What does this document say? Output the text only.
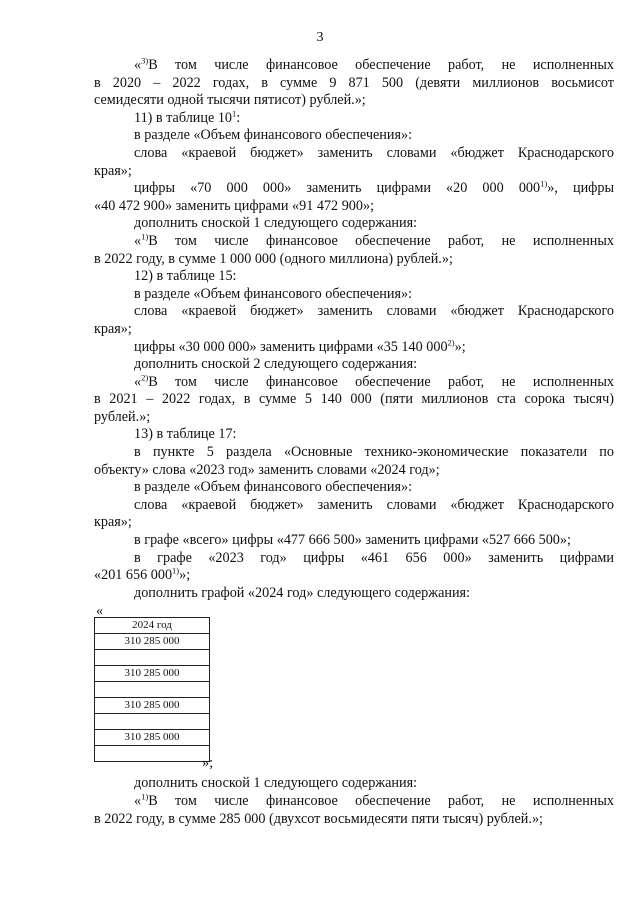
3
«$^{3)}$В том числе финансовое обеспечение работ, не исполненных
в 2020 – 2022 годах, в сумме 9 871 500 (девяти миллионов восьмисот
семидесяти одной тысячи пятисот) рублей.»;
11) в таблице $10^1$:
в разделе «Объем финансового обеспечения»:
слова «краевой бюджет» заменить словами «бюджет Краснодарского
края»;
цифры «70 000 000» заменить цифрами «20 000 000$^{1)}$», цифры
«40 472 900» заменить цифрами «91 472 900»;
дополнить сноской 1 следующего содержания:
«$^{1)}$В том числе финансовое обеспечение работ, не исполненных
в 2022 году, в сумме 1 000 000 (одного миллиона) рублей.»;
12) в таблице 15:
в разделе «Объем финансового обеспечения»:
слова «краевой бюджет» заменить словами «бюджет Краснодарского
края»;
цифры «30 000 000» заменить цифрами «35 140 000$^{2)}$»;
дополнить сноской 2 следующего содержания:
«$^{2)}$В том числе финансовое обеспечение работ, не исполненных
в 2021 – 2022 годах, в сумме 5 140 000 (пяти миллионов ста сорока тысяч)
рублей.»;
13) в таблице 17:
в пункте 5 раздела «Основные технико-экономические показатели по
объекту» слова «2023 год» заменить словами «2024 год»;
в разделе «Объем финансового обеспечения»:
слова «краевой бюджет» заменить словами «бюджет Краснодарского
края»;
в графе «всего» цифры «477 666 500» заменить цифрами «527 666 500»;
в графе «2023 год» цифры «461 656 000» заменить цифрами
«201 656 000$^{1)}$»;
дополнить графой «2024 год» следующего содержания:
«
2024 год
310 285 000
310 285 000
310 285 000
310 285 000
»;
дополнить сноской 1 следующего содержания:
«$^{1)}$В том числе финансовое обеспечение работ, не исполненных
в 2022 году, в сумме 285 000 (двухсот восьмидесяти пяти тысяч) рублей.»;
